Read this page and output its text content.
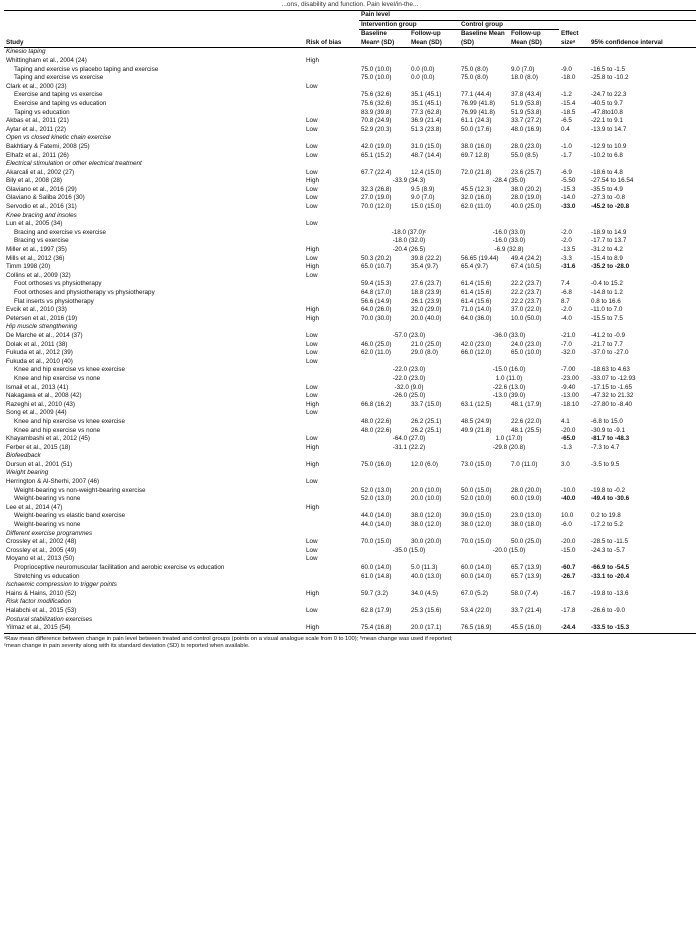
...ons, disability and function. Pain level/in-the...
		Pain level					
		Intervention group		Control group			
Study	Risk of bias	Baseline Meanᵃ (SD)	Follow-up Mean (SD)	Baseline Mean (SD)	Follow-up Mean (SD)	Effect sizeᵃ	95% confidence interval
Kinesio taping							
Whittingham et al., 2004 (24)	High						
Taping and exercise vs placebo taping and exercise		75.0 (10.0)	0.0 (0.0)	75.0 (8.0)	9.0 (7.0)	-9.0	-16.5 to -1.5
Taping and exercise vs exercise		75.0 (10.0)	0.0 (0.0)	75.0 (8.0)	18.0 (8.0)	-18.0	-25.8 to -10.2
Clark et al., 2000 (23)	Low						
Exercise and taping vs exercise		75.6 (32.6)	35.1 (45.1)	77.1 (44.4)	37.8 (43.4)	-1.2	-24.7 to 22.3
Exercise and taping vs education		75.6 (32.6)	35.1 (45.1)	76.99 (41.8)	51.9 (53.8)	-15.4	-40.5 to 9.7
Taping vs education		83.9 (39.8)	77.3 (62.8)	76.99 (41.8)	51.9 (53.8)	-18.5	-47.8to10.8
Akbas et al., 2011 (21)	Low	70.8 (24.9)	36.9 (21.4)	61.1 (24.3)	33.7 (27.2)	-6.5	-22.1 to 9.1
Aytar et al., 2011 (22)	Low	52.9 (20.3)	51.3 (23.8)	50.0 (17.6)	48.0 (16.9)	0.4	-13.9 to 14.7
Open vs closed kinetic chain exercise							
Bakhtiary & Fatemi, 2008 (25)	Low	42.0 (19.0)	31.0 (15.0)	38.0 (16.0)	28.0 (23.0)	-1.0	-12.9 to 10.9
Elhafz et al., 2011 (26)	Low	65.1 (15.2)	48.7 (14.4)	69.7 12.8)	55.0 (8.5)	-1.7	-10.2 to 6.8
Electrical stimulation or other electrical treatment							
Akarcali et al., 2002 (27)	Low	67.7 (22.4)	12.4 (15.0)	72.0 (21.8)	23.6 (25.7)	-6.9	-18.6 to 4.8
Bily et al., 2008 (28)	High	-33.9 (34.3)		-28.4 (35.0)		-5.50	-27.54 to 16.54
Glaviano et al., 2016 (29)	Low	32.3 (26.8)	9.5 (8.9)	45.5 (12.3)	38.0 (20.2)	-15.3	-35.5 to 4.9
Glaviano & Saliba 2016 (30)	Low	27.0 (19.0)	9.0 (7.0)	32.0 (16.0)	28.0 (19.0)	-14.0	-27.3 to -0.8
Servodio et al., 2016 (31)	Low	70.0 (12.0)	15.0 (15.0)	62.0 (11.0)	40.0 (25.0)	-33.0	-45.2 to -20.8
Knee bracing and insoles							
Lun et al., 2005 (34)	Low						
Bracing and exercise vs exercise		-18.0 (37.0)ᶜ		-16.0 (33.0)		-2.0	-18.9 to 14.9
Bracing vs exercise		-18.0 (32.0)		-16.0 (33.0)		-2.0	-17.7 to 13.7
Miller et al., 1997 (35)	High	-20.4 (26.5)		-6.9 (32.8)		-13.5	-31.2 to 4.2
Mills et al., 2012 (36)	Low	50.3 (20.2)	39.8 (22.2)	56.65 (19.44)	49.4 (24.2)	-3.3	-15.4 to 8.9
Timm 1998 (20)	High	65.0 (10.7)	35.4 (9.7)	65.4 (9.7)	67.4 (10.5)	-31.6	-35.2 to -28.0
Collins et al., 2009 (32)	Low						
Foot orthoses vs physiotherapy		59.4 (15.3)	27.6 (23.7)	61.4 (15.6)	22.2 (23.7)	7.4	-0.4 to 15.2
Foot orthoses and physiotherapy vs physiotherapy		64.8 (17.0)	18.8 (23.9)	61.4 (15.6)	22.2 (23.7)	-6.8	-14.8 to 1.2
Flat inserts vs physiotherapy		56.6 (14.9)	26.1 (23.9)	61.4 (15.6)	22.2 (23.7)	8.7	0.8 to 16.6
Evcik et al., 2010 (33)	High	64.0 (26.0)	32.0 (29.0)	71.0 (14.0)	37.0 (22.0)	-2.0	-11.0 to 7.0
Petersen et al., 2016 (19)	High	70.0 (30.0)	20.0 (40.0)	64.0 (36.0)	10.0 (50.0)	-4.0	-15.5 to 7.5
Hip muscle strengthening							
De Marche et al., 2014 (37)	Low	-57.0 (23.0)		-36.0 (33.0)		-21.0	-41.2 to -0.9
Dolak et al., 2011 (38)	Low	46.0 (25.0)	21.0 (25.0)	42.0 (23.0)	24.0 (23.0)	-7.0	-21.7 to 7.7
Fukuda et al., 2012 (39)	Low	62.0 (11.0)	29.0 (8.0)	66.0 (12.0)	65.0 (10.0)	-32.0	-37.0 to -27.0
Fukuda et al., 2010 (40)	Low						
Knee and hip exercise vs knee exercise		-22.0 (23.0)		-15.0 (16.0)		-7.00	-18.63 to 4.63
Knee and hip exercise vs none		-22.0 (23.0)		1.0 (11.0)		-23.00	-33.07 to -12.93
Ismail et al., 2013 (41)	Low	-32.0 (9.0)		-22.6 (13.0)		-9.40	-17.15 to -1.65
Nakagawa et al., 2008 (42)	Low	-26.0 (25.0)		-13.0 (39.0)		-13.00	-47.32 to 21.32
Razeghi et al., 2010 (43)	High	66.8 (16.2)	33.7 (15.0)	63.1 (12.5)	48.1 (17.9)	-18.10	-27.80 to -8.40
Song et al., 2009 (44)	Low						
Knee and hip exercise vs knee exercise		48.0 (22.6)	26.2 (25.1)	48.5 (24.9)	22.6 (22.0)	4.1	-6.8 to 15.0
Knee and hip exercise vs none		48.0 (22.6)	26.2 (25.1)	49.9 (21.8)	48.1 (25.5)	-20.0	-30.9 to -9.1
Khayambashi et al., 2012 (45)	Low	-64.0 (27.0)		1.0 (17.0)		-65.0	-81.7 to -48.3
Ferber et al., 2015 (18)	High	-31.1 (22.2)		-29.8 (20.8)		-1.3	-7.3 to 4.7
Biofeedback							
Dursun et al., 2001 (51)	High	75.0 (16.0)	12.0 (6.0)	73.0 (15.0)	7.0 (11.0)	3.0	-3.5 to 9.5
Weight bearing							
Herrington & Al-Sherhi, 2007 (46)	Low						
Weight-bearing vs non-weight-bearing exercise		52.0 (13.0)	20.0 (10.0)	50.0 (15.0)	28.0 (20.0)	-10.0	-19.8 to -0.2
Weight-bearing vs none		52.0 (13.0)	20.0 (10.0)	52.0 (10.0)	60.0 (19.0)	-40.0	-49.4 to -30.6
Lee et al., 2014 (47)	High						
Weight-bearing vs elastic band exercise		44.0 (14.0)	38.0 (12.0)	39.0 (15.0)	23.0 (13.0)	10.0	0.2 to 19.8
Weight-bearing vs none		44.0 (14.0)	38.0 (12.0)	38.0 (12.0)	38.0 (18.0)	-6.0	-17.2 to 5.2
Different exercise programmes							
Crossley et al., 2002 (48)	Low	70.0 (15.0)	30.0 (20.0)	70.0 (15.0)	50.0 (25.0)	-20.0	-28.5 to -11.5
Crossley et al., 2005 (49)	Low	-35.0 (15.0)		-20.0 (15.0)		-15.0	-24.3 to -5.7
Moyano et al., 2013 (50)	Low						
Proprioceptive neuromuscular facilitation and aerobic exercise vs education		60.0 (14.0)	5.0 (11.3)	60.0 (14.0)	65.7 (13.9)	-60.7	-66.9 to -54.5
Stretching vs education		61.0 (14.8)	40.0 (13.0)	60.0 (14.0)	65.7 (13.9)	-26.7	-33.1 to -20.4
Ischaemic compression to trigger points							
Hains & Hains, 2010 (52)	High	59.7 (3.2)	34.0 (4.5)	67.0 (5.2)	58.0 (7.4)	-16.7	-19.8 to -13.6
Risk factor modification							
Halabchi et al., 2015 (53)	Low	62.8 (17.9)	25.3 (15.6)	53.4 (22.0)	33.7 (21.4)	-17.8	-26.6 to -9.0
Postural stabilization exercises							
Yilmaz et al., 2015 (54)	High	75.4 (16.8)	20.0 (17.1)	76.5 (16.9)	45.5 (16.0)	-24.4	-33.5 to -15.3
ᵃRaw mean difference between change in pain level between treated and control groups (points on a visual analogue scale from 0 to 100); ᵇmean change was used if reported;
ᶜmean change in pain severity along with its standard deviation (SD) is reported when available.
